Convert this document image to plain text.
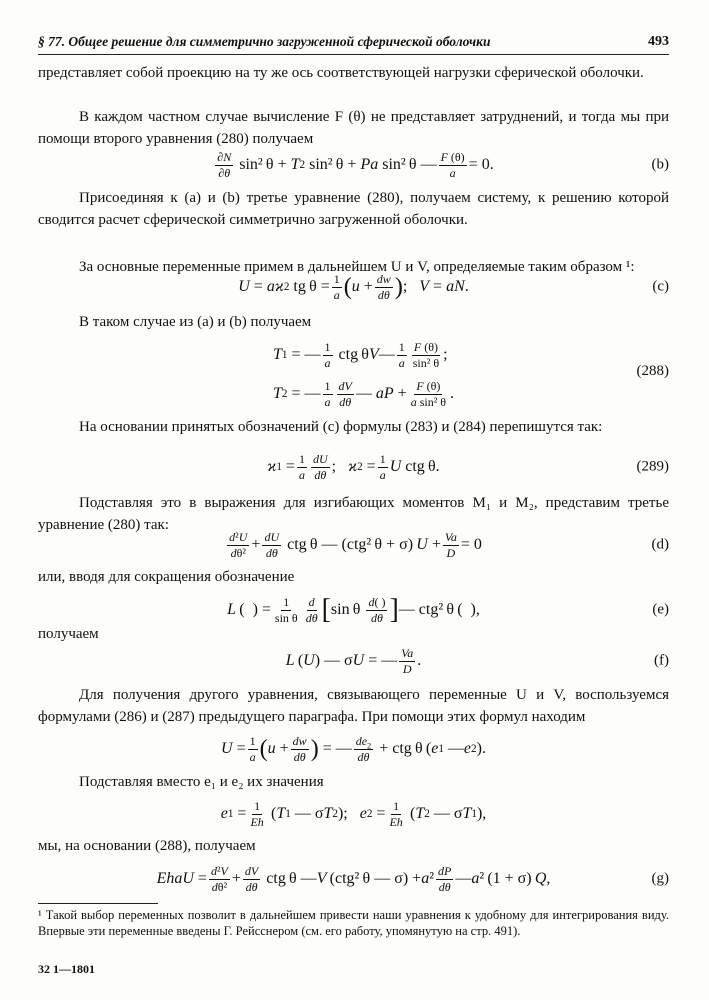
§ 77. Общее решение для симметрично загруженной сферической оболочки	493
представляет собой проекцию на ту же ось соответствующей нагрузки сферической оболочки.
В каждом частном случае вычисление F (θ) не представляет затруднений, и тогда мы при помощи второго уравнения (280) получаем
$\frac{\partial N}{\partial\theta} \sin^2$ θ + T 2 sin² θ + Pa sin² θ — $\frac{F (\theta)}{a} = 0$.	(b)
Присоединяя к (a) и (b) третье уравнение (280), получаем систему, к решению которой сводится расчет сферической симметрично загруженной оболочки.
За основные переменные примем в дальнейшем U и V, определяемые таким образом ¹:
U = aϰ 2 tg $\theta = \frac{1}{a}$ ( $u + \frac{dw}{d\theta}$ ) ; V = aN .	(c)
В таком случае из (a) и (b) получаем
T 1 = — $\frac{1}{a}$ ctg θ V — $\frac{1}{a} \frac{F (\theta)}{\text{sin² θ}}$ ;
T 2 = — $\frac{1}{a} \frac{dV}{d\theta}$ — aP + $\frac{F (\theta)}{\text{a sin² θ}}$ .
(288)
На основании принятых обозначений (c) формулы (283) и (284) перепишутся так:
ϰ $1 = \frac{1}{a} \frac{dU}{d\theta}$ ; ϰ $2 = \frac{1}{a}$ U ctg θ.	(289)
Подставляя это в выражения для изгибающих моментов M₁ и M₂, представим третье уравнение (280) так:
$\frac{\text{d²U}}{\text{dθ²}} + \frac{dU}{d\theta}$ ctg θ — (ctg² θ + σ)  $U + \frac{Va}{D} = 0$	(d)
или, вводя для сокращения обозначение
L  (  ) = $\frac{1}{\text{sin θ}} \frac{d}{d\theta}$ [ sin θ $\frac{d( )}{d\theta}$ ] — ctg² θ (  ),	(e)
получаем
L  ( U ) — σ U = — $\frac{Va}{D}$ .	(f)
Для получения другого уравнения, связывающего переменные U и V, воспользуемся формулами (286) и (287) предыдущего параграфа. При помощи этих формул находим
$U = \frac{1}{a}$ ( $u + \frac{dw}{d\theta}$ ) = — $\frac{de_2}{d\theta}$ + ctg θ ( e 1 — e 2 ).
Подставляя вместо e₁ и e₂ их значения
e $1 = \frac{1}{Eh}$  ( T 1 — σ T 2 ); e $2 = \frac{1}{Eh}$  ( T 2 — σ T 1 ),
мы, на основании (288), получаем
EhaU = $\frac{\text{d²V}}{\text{dθ²}} + \frac{dV}{d\theta}$ ctg θ — V  (ctg² θ — σ) + a $^2 \frac{dP}{d\theta}$ — a ² (1 + σ)  Q ,	(g)
¹ Такой выбор переменных позволит в дальнейшем привести наши уравнения к удобному для интегрирования виду. Впервые эти переменные введены Г. Рейсснером (см. его работу, упомянутую на стр. 491).
32 1—1801
